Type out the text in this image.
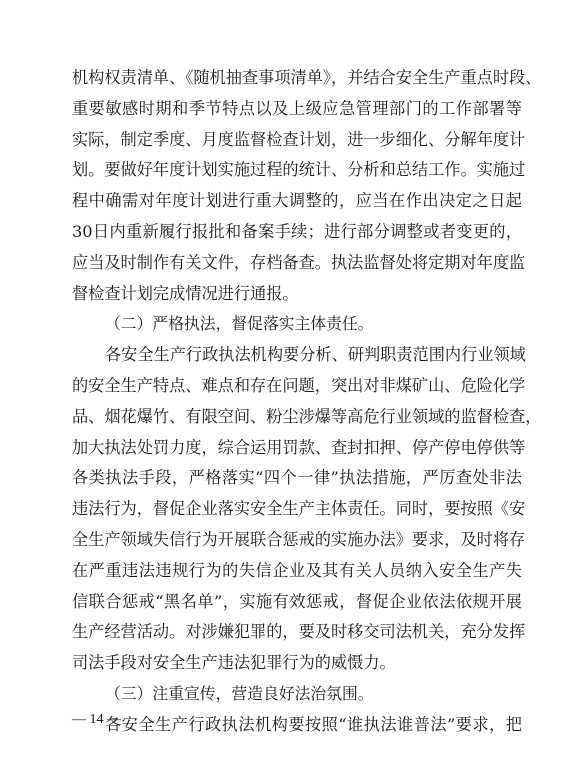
机构权责清单、《随机抽查事项清单》，并结合安全生产重点时段、
重要敏感时期和季节特点以及上级应急管理部门的工作部署等
实际，制定季度、月度监督检查计划，进一步细化、分解年度计
划。要做好年度计划实施过程的统计、分析和总结工作。实施过
程中确需对年度计划进行重大调整的，应当在作出决定之日起
30日内重新履行报批和备案手续；进行部分调整或者变更的，
应当及时制作有关文件，存档备查。执法监督处将定期对年度监
督检查计划完成情况进行通报。
（二）严格执法，督促落实主体责任。
各安全生产行政执法机构要分析、研判职责范围内行业领域
的安全生产特点、难点和存在问题，突出对非煤矿山、危险化学
品、烟花爆竹、有限空间、粉尘涉爆等高危行业领域的监督检查，
加大执法处罚力度，综合运用罚款、查封扣押、停产停电停供等
各类执法手段，严格落实“四个一律”执法措施，严厉查处非法
违法行为，督促企业落实安全生产主体责任。同时，要按照《安
全生产领域失信行为开展联合惩戒的实施办法》要求，及时将存
在严重违法违规行为的失信企业及其有关人员纳入安全生产失
信联合惩戒“黑名单”，实施有效惩戒，督促企业依法依规开展
生产经营活动。对涉嫌犯罪的，要及时移交司法机关，充分发挥
司法手段对安全生产违法犯罪行为的威慑力。
（三）注重宣传，营造良好法治氛围。
各安全生产行政执法机构要按照“谁执法谁普法”要求，把
— 14 —
